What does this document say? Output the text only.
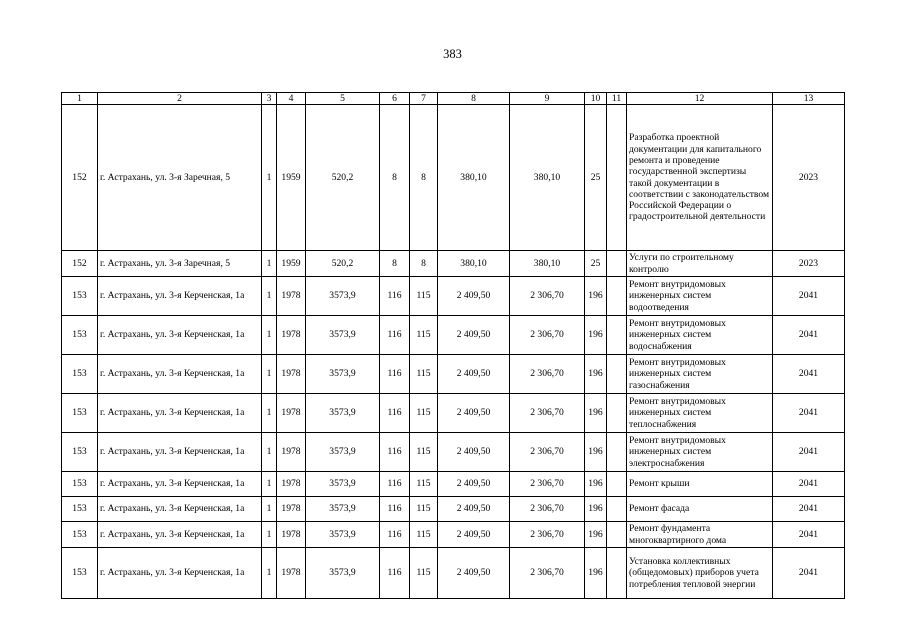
383
1	2	3	4	5	6	7	8	9	10	11	12	13
152	г. Астрахань, ул. 3-я Заречная, 5	1	1959	520,2	8	8	380,10	380,10	25		Разработка проектной документации для капитального ремонта и проведение государственной экспертизы такой документации в соответствии с законодательством Российской Федерации о градостроительной деятельности	2023
152	г. Астрахань, ул. 3-я Заречная, 5	1	1959	520,2	8	8	380,10	380,10	25		Услуги по строительному контролю	2023
153	г. Астрахань, ул. 3-я Керченская, 1а	1	1978	3573,9	116	115	2 409,50	2 306,70	196		Ремонт внутридомовых инженерных систем водоотведения	2041
153	г. Астрахань, ул. 3-я Керченская, 1а	1	1978	3573,9	116	115	2 409,50	2 306,70	196		Ремонт внутридомовых инженерных систем водоснабжения	2041
153	г. Астрахань, ул. 3-я Керченская, 1а	1	1978	3573,9	116	115	2 409,50	2 306,70	196		Ремонт внутридомовых инженерных систем газоснабжения	2041
153	г. Астрахань, ул. 3-я Керченская, 1а	1	1978	3573,9	116	115	2 409,50	2 306,70	196		Ремонт внутридомовых инженерных систем теплоснабжения	2041
153	г. Астрахань, ул. 3-я Керченская, 1а	1	1978	3573,9	116	115	2 409,50	2 306,70	196		Ремонт внутридомовых инженерных систем электроснабжения	2041
153	г. Астрахань, ул. 3-я Керченская, 1а	1	1978	3573,9	116	115	2 409,50	2 306,70	196		Ремонт крыши	2041
153	г. Астрахань, ул. 3-я Керченская, 1а	1	1978	3573,9	116	115	2 409,50	2 306,70	196		Ремонт фасада	2041
153	г. Астрахань, ул. 3-я Керченская, 1а	1	1978	3573,9	116	115	2 409,50	2 306,70	196		Ремонт фундамента многоквартирного дома	2041
153	г. Астрахань, ул. 3-я Керченская, 1а	1	1978	3573,9	116	115	2 409,50	2 306,70	196		Установка коллективных (общедомовых) приборов учета потребления тепловой энергии	2041
